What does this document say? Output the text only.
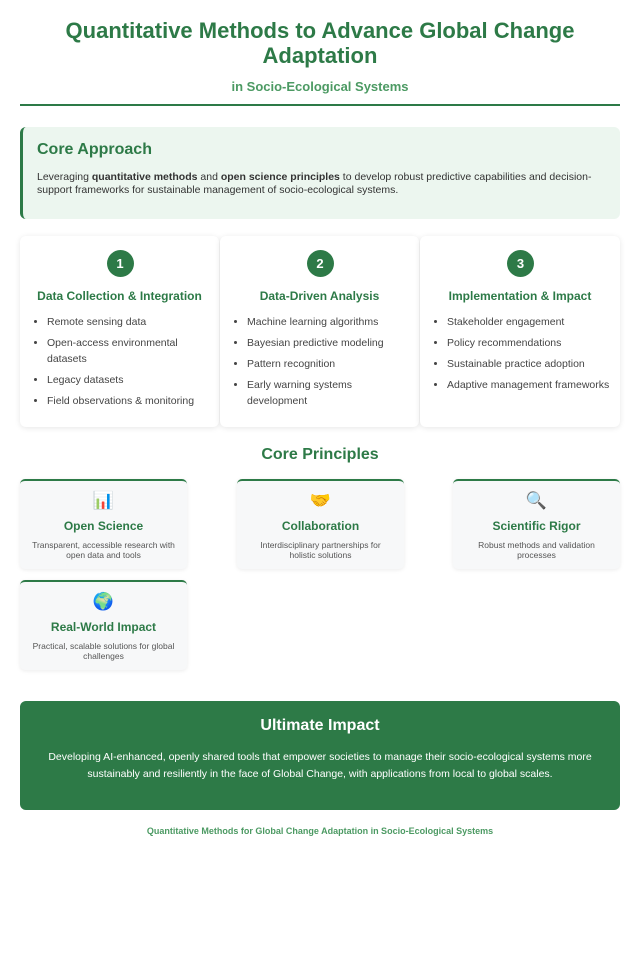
Quantitative Methods to Advance Global Change Adaptation
in Socio-Ecological Systems
Core Approach

Leveraging quantitative methods and open science principles to develop robust predictive capabilities and decision-support frameworks for sustainable management of socio-ecological systems.

1
Data Collection & Integration
• Remote sensing data
• Open-access environmental datasets
• Legacy datasets
• Field observations & monitoring
2
Data-Driven Analysis
• Machine learning algorithms
• Bayesian predictive modeling
• Pattern recognition
• Early warning systems development
3
Implementation & Impact
• Stakeholder engagement
• Policy recommendations
• Sustainable practice adoption
• Adaptive management frameworks
Core Principles
📊
Open Science
Transparent, accessible research with open data and tools
🤝
Collaboration
Interdisciplinary partnerships for holistic solutions
🔍
Scientific Rigor
Robust methods and validation processes
🌍
Real-World Impact
Practical, scalable solutions for global challenges
Ultimate Impact

Developing AI-enhanced, openly shared tools that empower societies to manage their socio-ecological systems more sustainably and resiliently in the face of Global Change, with applications from local to global scales.

Quantitative Methods for Global Change Adaptation in Socio-Ecological Systems
